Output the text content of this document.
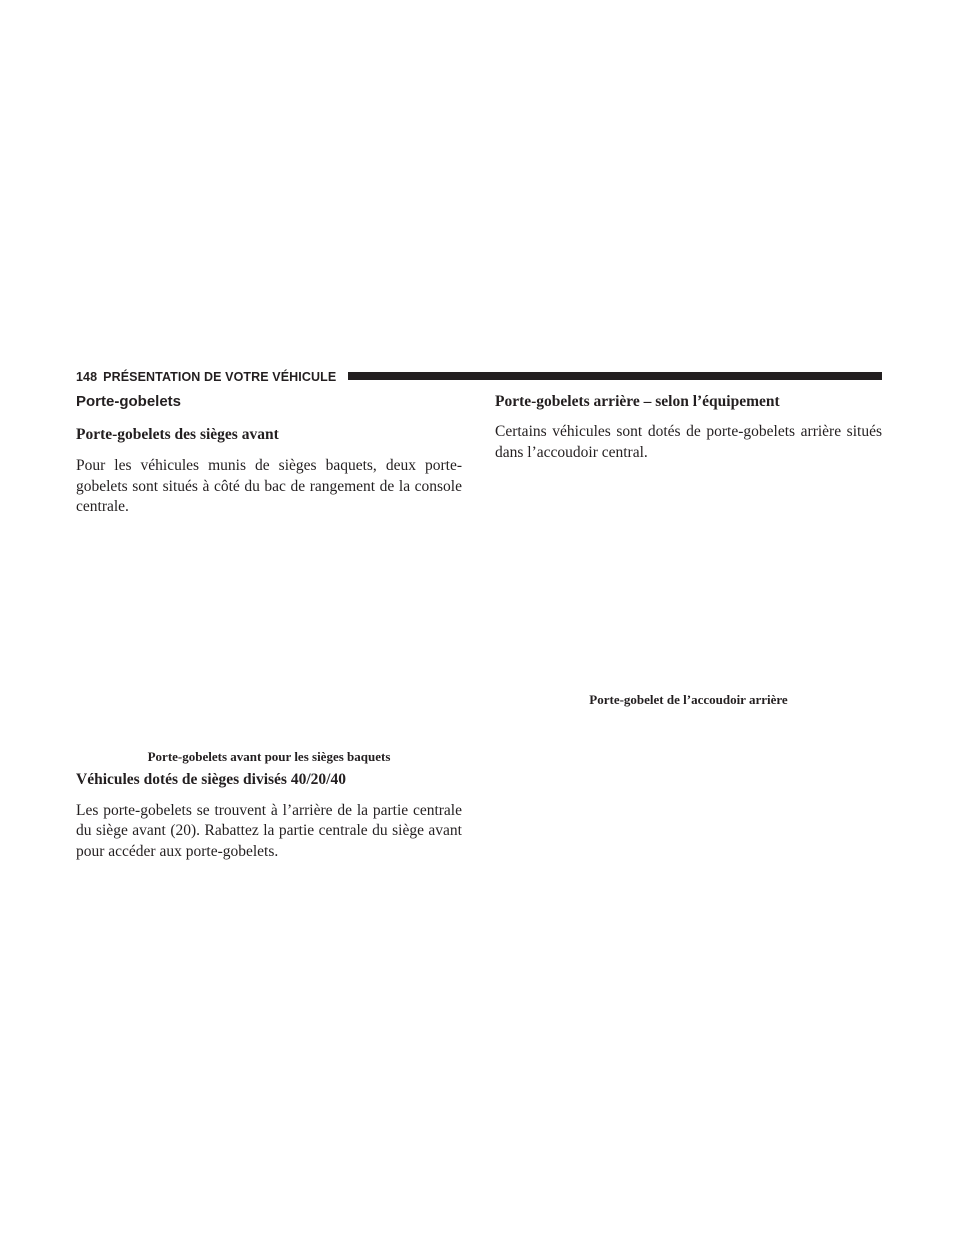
148 PRÉSENTATION DE VOTRE VÉHICULE
Porte-gobelets
Porte-gobelets des sièges avant

Pour les véhicules munis de sièges baquets, deux porte-gobelets sont situés à côté du bac de rangement de la console centrale.

Porte-gobelets avant pour les sièges baquets
Véhicules dotés de sièges divisés 40/20/40

Les porte-gobelets se trouvent à l’arrière de la partie centrale du siège avant (20). Rabattez la partie centrale du siège avant pour accéder aux porte-gobelets.

Porte-gobelets arrière – selon l’équipement

Certains véhicules sont dotés de porte-gobelets arrière situés dans l’accoudoir central.

Porte-gobelet de l’accoudoir arrière
